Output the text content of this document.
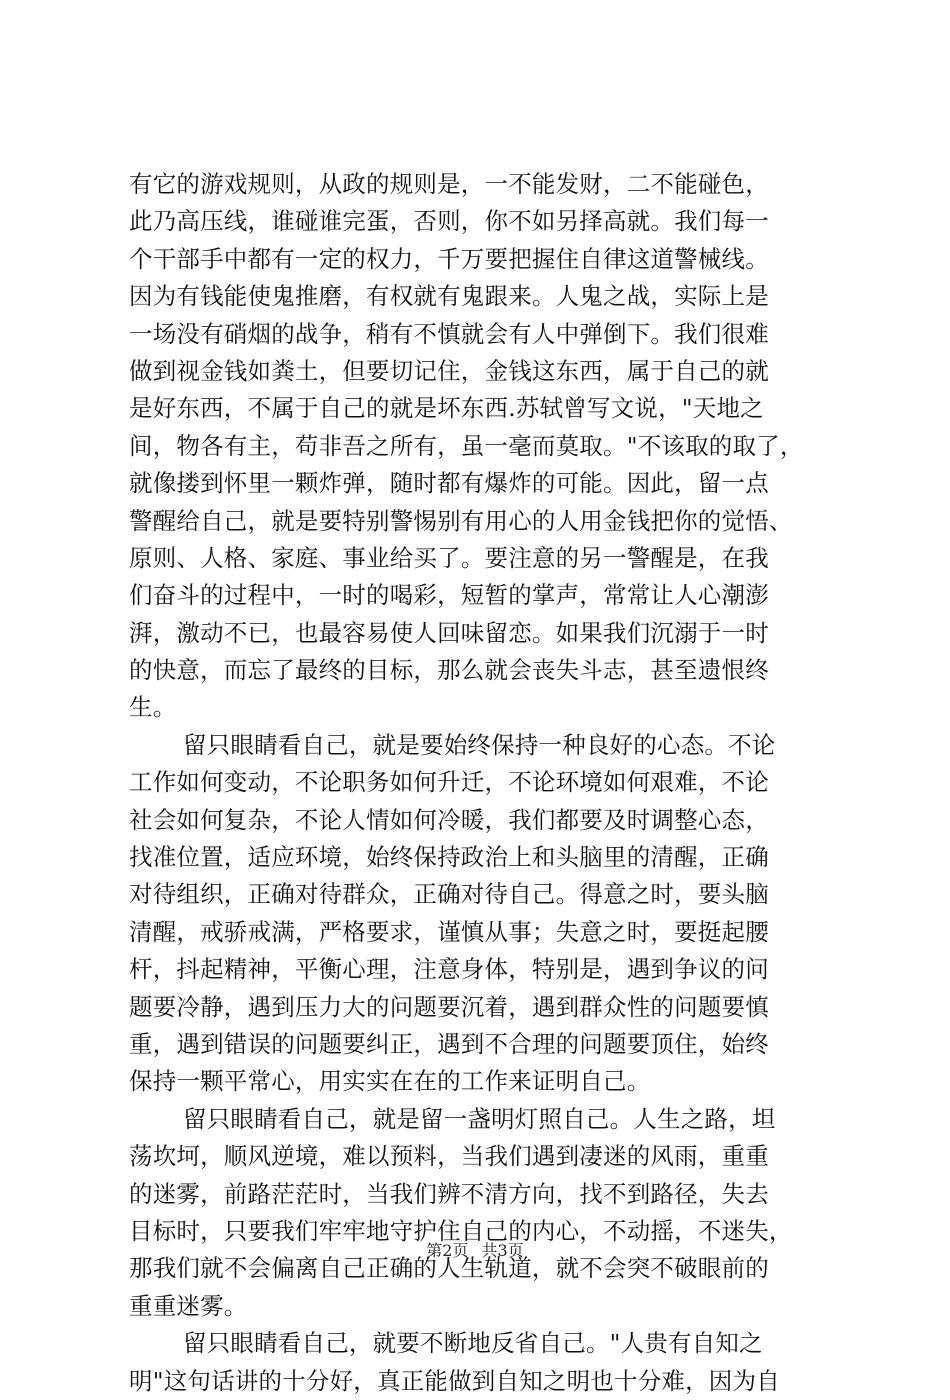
有它的游戏规则，从政的规则是，一不能发财，二不能碰色，
此乃高压线，谁碰谁完蛋，否则，你不如另择高就。我们每一
个干部手中都有一定的权力，千万要把握住自律这道警械线。
因为有钱能使鬼推磨，有权就有鬼跟来。人鬼之战，实际上是
一场没有硝烟的战争，稍有不慎就会有人中弹倒下。我们很难
做到视金钱如粪土，但要切记住，金钱这东西，属于自己的就
是好东西，不属于自己的就是坏东西.苏轼曾写文说，"天地之
间，物各有主，苟非吾之所有，虽一毫而莫取。"不该取的取了，
就像搂到怀里一颗炸弹，随时都有爆炸的可能。因此，留一点
警醒给自己，就是要特别警惕别有用心的人用金钱把你的觉悟、
原则、人格、家庭、事业给买了。要注意的另一警醒是，在我
们奋斗的过程中，一时的喝彩，短暂的掌声，常常让人心潮澎
湃，激动不已，也最容易使人回味留恋。如果我们沉溺于一时
的快意，而忘了最终的目标，那么就会丧失斗志，甚至遗恨终
生。
留只眼睛看自己，就是要始终保持一种良好的心态。不论
工作如何变动，不论职务如何升迁，不论环境如何艰难，不论
社会如何复杂，不论人情如何冷暖，我们都要及时调整心态，
找准位置，适应环境，始终保持政治上和头脑里的清醒，正确
对待组织，正确对待群众，正确对待自己。得意之时，要头脑
清醒，戒骄戒满，严格要求，谨慎从事；失意之时，要挺起腰
杆，抖起精神，平衡心理，注意身体，特别是，遇到争议的问
题要冷静，遇到压力大的问题要沉着，遇到群众性的问题要慎
重，遇到错误的问题要纠正，遇到不合理的问题要顶住，始终
保持一颗平常心，用实实在在的工作来证明自己。
留只眼睛看自己，就是留一盏明灯照自己。人生之路，坦
荡坎坷，顺风逆境，难以预料，当我们遇到凄迷的风雨，重重
的迷雾，前路茫茫时，当我们辨不清方向，找不到路径，失去
目标时，只要我们牢牢地守护住自己的内心，不动摇，不迷失，
那我们就不会偏离自己正确的人生轨道，就不会突不破眼前的
重重迷雾。
留只眼睛看自己，就要不断地反省自己。"人贵有自知之
明"这句话讲的十分好，真正能做到自知之明也十分难，因为自
第2页 共3页
